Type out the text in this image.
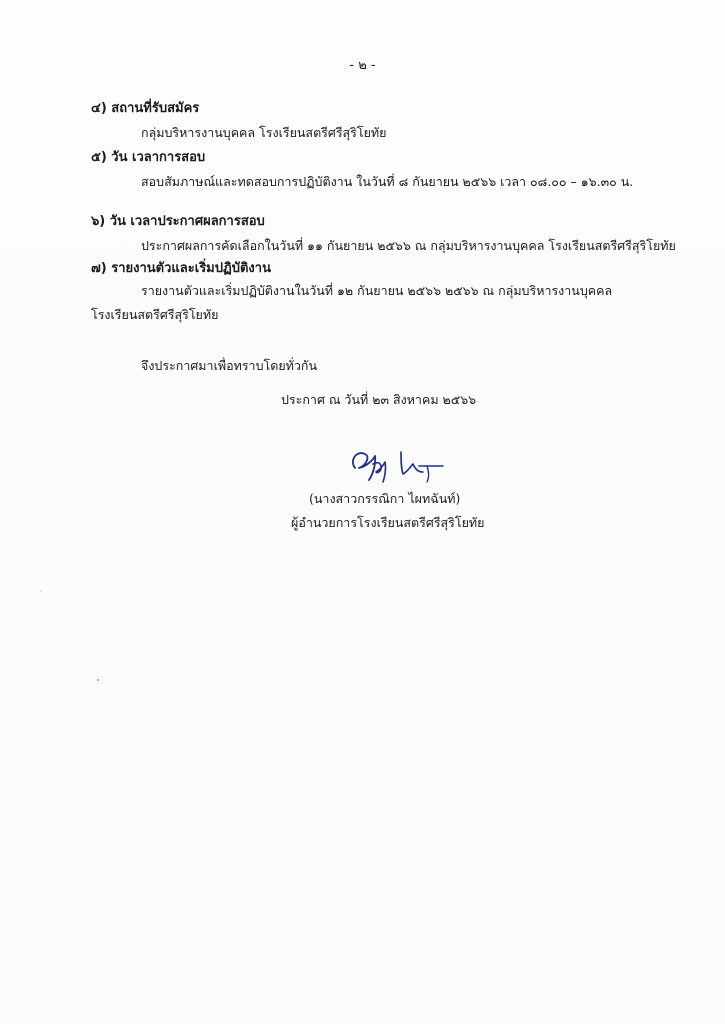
- ๒ -
๔) สถานที่รับสมัคร
กลุ่มบริหารงานบุคคล โรงเรียนสตรีศรีสุริโยทัย
๕) วัน เวลาการสอบ
สอบสัมภาษณ์และทดสอบการปฏิบัติงาน ในวันที่ ๘ กันยายน ๒๕๖๖ เวลา ๐๘.๐๐ – ๑๖.๓๐ น.
๖) วัน เวลาประกาศผลการสอบ
ประกาศผลการคัดเลือกในวันที่ ๑๑ กันยายน ๒๕๖๖ ณ กลุ่มบริหารงานบุคคล โรงเรียนสตรีศรีสุริโยทัย
๗) รายงานตัวและเริ่มปฏิบัติงาน
รายงานตัวและเริ่มปฏิบัติงานในวันที่ ๑๒ กันยายน ๒๕๖๖ ๒๕๖๖ ณ กลุ่มบริหารงานบุคคล
โรงเรียนสตรีศรีสุริโยทัย
จึงประกาศมาเพื่อทราบโดยทั่วกัน
ประกาศ ณ วันที่ ๒๓ สิงหาคม ๒๕๖๖
(นางสาวกรรณิกา ไผทฉันท์)
ผู้อำนวยการโรงเรียนสตรีศรีสุริโยทัย
